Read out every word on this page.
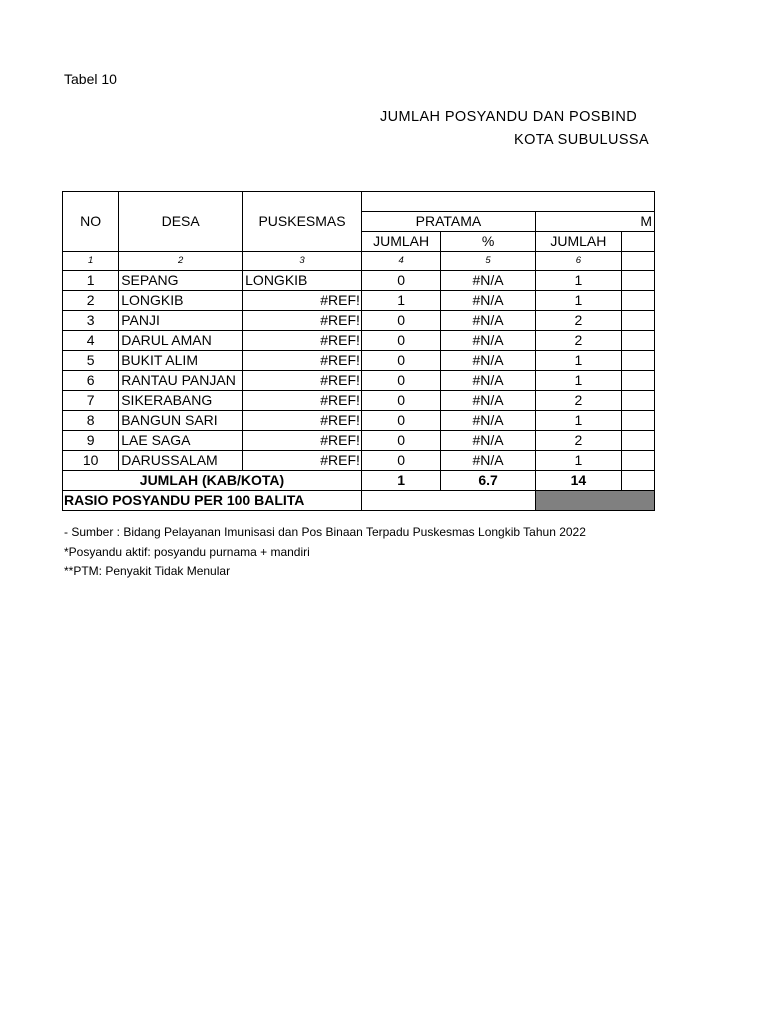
Tabel 10
JUMLAH POSYANDU DAN POSBIND
KOTA SUBULUSSA
NO	DESA	PUSKESMAS				
			PRATAMA		M	
			JUMLAH	%	JUMLAH	
1	2	3	4	5	6	
1	SEPANG	LONGKIB	0	#N/A	1	
2	LONGKIB	#REF!	1	#N/A	1	
3	PANJI	#REF!	0	#N/A	2	
4	DARUL AMAN	#REF!	0	#N/A	2	
5	BUKIT ALIM	#REF!	0	#N/A	1	
6	RANTAU PANJAN	#REF!	0	#N/A	1	
7	SIKERABANG	#REF!	0	#N/A	2	
8	BANGUN SARI	#REF!	0	#N/A	1	
9	LAE SAGA	#REF!	0	#N/A	2	
10	DARUSSALAM	#REF!	0	#N/A	1	
JUMLAH (KAB/KOTA)			1	6.7	14	
RASIO POSYANDU PER 100 BALITA						
- Sumber : Bidang Pelayanan Imunisasi dan Pos Binaan Terpadu Puskesmas Longkib Tahun 2022
*Posyandu aktif: posyandu purnama + mandiri
**PTM: Penyakit Tidak Menular
